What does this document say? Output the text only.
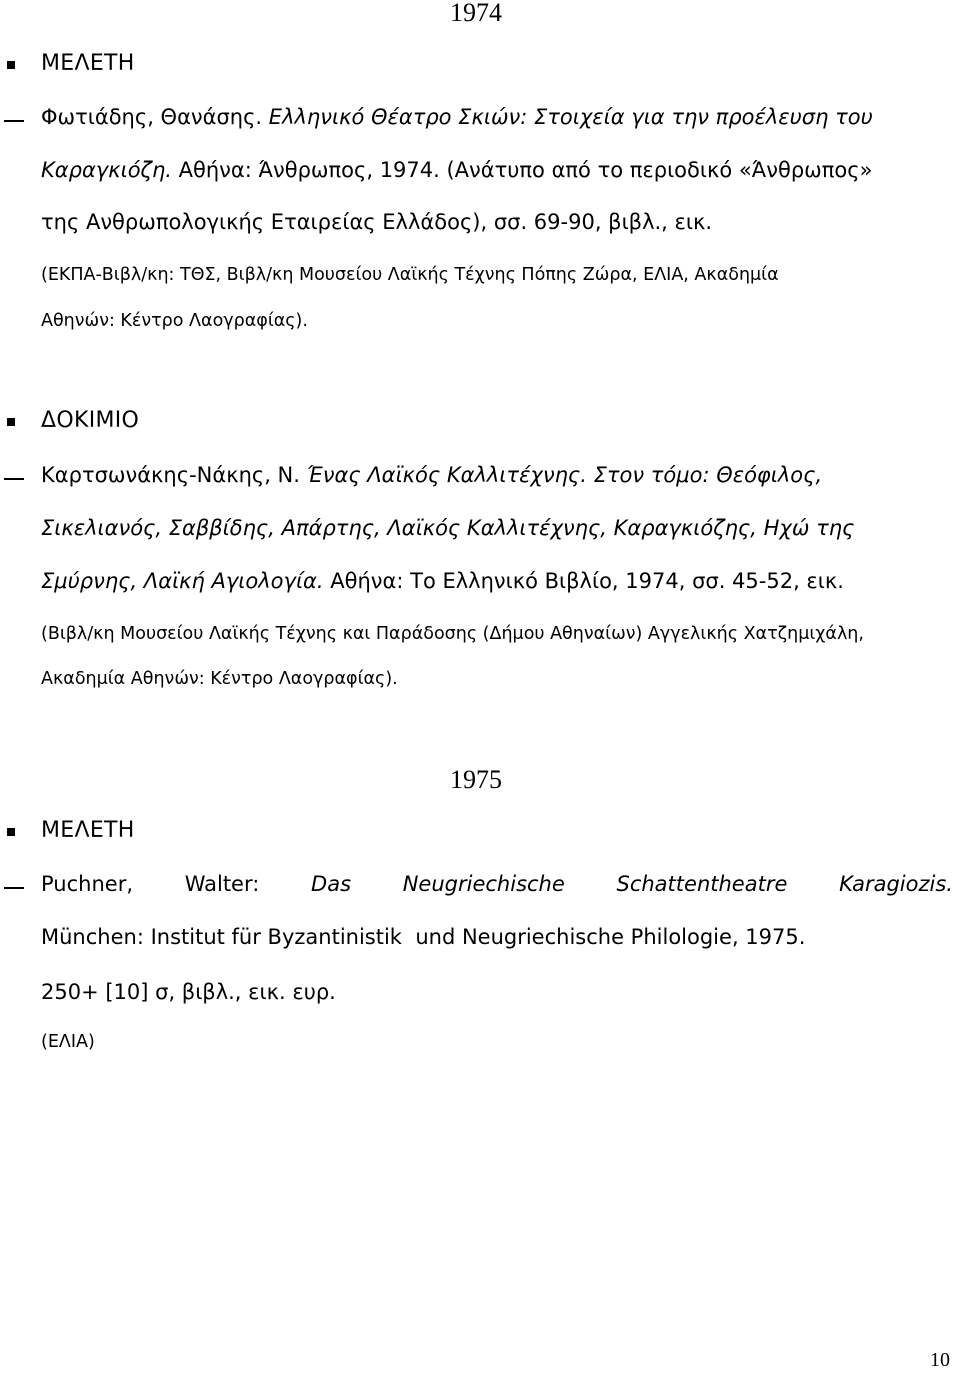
1974
ΜΕΛΕΤΗ
Φωτιάδης, Θανάσης. Ελληνικό Θέατρο Σκιών: Στοιχεία για την προέλευση του
Καραγκιόζη. Αθήνα: Άνθρωπος, 1974. (Ανάτυπο από το περιοδικό «Άνθρωπος»
της Ανθρωπολογικής Εταιρείας Ελλάδος), σσ. 69-90, βιβλ., εικ.
(ΕΚΠΑ-Βιβλ/κη: ΤΘΣ, Βιβλ/κη Μουσείου Λαϊκής Τέχνης Πόπης Ζώρα, ΕΛΙΑ, Ακαδημία
Αθηνών: Κέντρο Λαογραφίας).
ΔΟΚΙΜΙΟ
Καρτσωνάκης-Νάκης, Ν. Ένας Λαϊκός Καλλιτέχνης. Στον τόμο: Θεόφιλος,
Σικελιανός, Σαββίδης, Απάρτης, Λαϊκός Καλλιτέχνης, Καραγκιόζης, Ηχώ της
Σμύρνης, Λαϊκή Αγιολογία. Αθήνα: Το Ελληνικό Βιβλίο, 1974, σσ. 45-52, εικ.
(Βιβλ/κη Μουσείου Λαϊκής Τέχνης και Παράδοσης (Δήμου Αθηναίων) Αγγελικής Χατζημιχάλη,
Ακαδημία Αθηνών: Κέντρο Λαογραφίας).
1975
ΜΕΛΕΤΗ
Puchner, Walter: Das Neugriechische Schattentheatre Karagiozis.
München: Institut für Byzantinistik  und Neugriechische Philologie, 1975.
250+ [10] σ, βιβλ., εικ. ευρ.
(ΕΛΙΑ)
10
